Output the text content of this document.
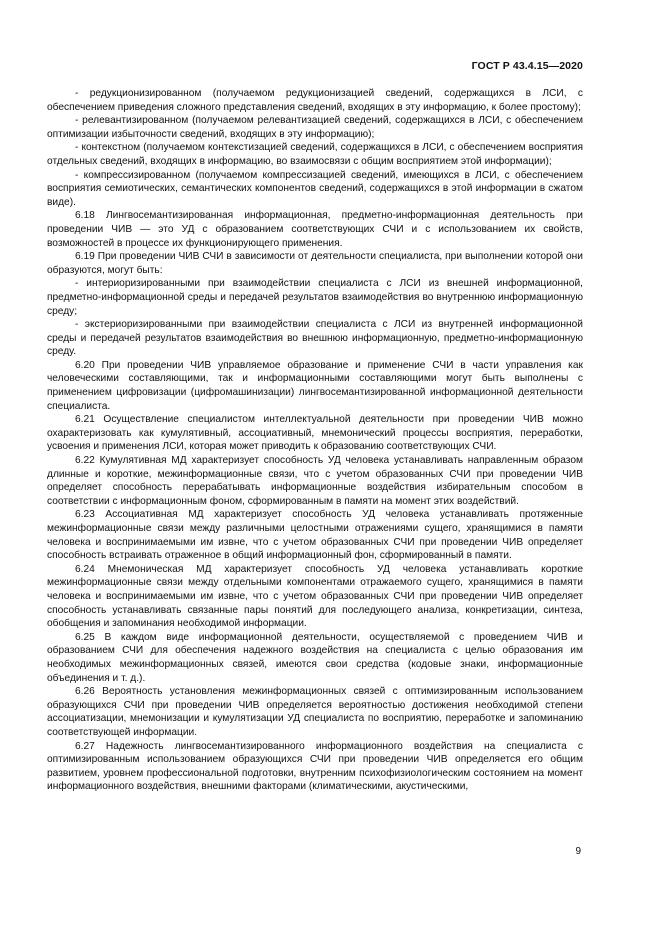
ГОСТ Р 43.4.15—2020

- редукционизированном (получаемом редукционизацией сведений, содержащихся в ЛСИ, с обеспечением приведения сложного представления сведений, входящих в эту информацию, к более простому);

- релевантизированном (получаемом релевантизацией сведений, содержащихся в ЛСИ, с обеспечением оптимизации избыточности сведений, входящих в эту информацию);

- контекстном (получаемом контекстизацией сведений, содержащихся в ЛСИ, с обеспечением восприятия отдельных сведений, входящих в информацию, во взаимосвязи с общим восприятием этой информации);

- компрессизированном (получаемом компрессизацией сведений, имеющихся в ЛСИ, с обеспечением восприятия семиотических, семантических компонентов сведений, содержащихся в этой информации в сжатом виде).

6.18 Лингвосемантизированная информационная, предметно-информационная деятельность при проведении ЧИВ — это УД с образованием соответствующих СЧИ и с использованием их свойств, возможностей в процессе их функционирующего применения.

6.19 При проведении ЧИВ СЧИ в зависимости от деятельности специалиста, при выполнении которой они образуются, могут быть:

- интериоризированными при взаимодействии специалиста с ЛСИ из внешней информационной, предметно-информационной среды и передачей результатов взаимодействия во внутреннюю информационную среду;

- экстериоризированными при взаимодействии специалиста с ЛСИ из внутренней информационной среды и передачей результатов взаимодействия во внешнюю информационную, предметно-информационную среду.

6.20 При проведении ЧИВ управляемое образование и применение СЧИ в части управления как человеческими составляющими, так и информационными составляющими могут быть выполнены с применением цифровизации (цифромашинизации) лингвосемантизированной информационной деятельности специалиста.

6.21 Осуществление специалистом интеллектуальной деятельности при проведении ЧИВ можно охарактеризовать как кумулятивный, ассоциативный, мнемонический процессы восприятия, переработки, усвоения и применения ЛСИ, которая может приводить к образованию соответствующих СЧИ.

6.22 Кумулятивная МД характеризует способность УД человека устанавливать направленным образом длинные и короткие, межинформационные связи, что с учетом образованных СЧИ при проведении ЧИВ определяет способность перерабатывать информационные воздействия избирательным способом в соответствии с информационным фоном, сформированным в памяти на момент этих воздействий.

6.23 Ассоциативная МД характеризует способность УД человека устанавливать протяженные межинформационные связи между различными целостными отражениями сущего, хранящимися в памяти человека и воспринимаемыми им извне, что с учетом образованных СЧИ при проведении ЧИВ определяет способность встраивать отраженное в общий информационный фон, сформированный в памяти.

6.24 Мнемоническая МД характеризует способность УД человека устанавливать короткие межинформационные связи между отдельными компонентами отражаемого сущего, хранящимися в памяти человека и воспринимаемыми им извне, что с учетом образованных СЧИ при проведении ЧИВ определяет способность устанавливать связанные пары понятий для последующего анализа, конкретизации, синтеза, обобщения и запоминания необходимой информации.

6.25 В каждом виде информационной деятельности, осуществляемой с проведением ЧИВ и образованием СЧИ для обеспечения надежного воздействия на специалиста с целью образования им необходимых межинформационных связей, имеются свои средства (кодовые знаки, информационные объединения и т. д.).

6.26 Вероятность установления межинформационных связей с оптимизированным использованием образующихся СЧИ при проведении ЧИВ определяется вероятностью достижения необходимой степени ассоциатизации, мнемонизации и кумулятизации УД специалиста по восприятию, переработке и запоминанию соответствующей информации.

6.27 Надежность лингвосемантизированного информационного воздействия на специалиста с оптимизированным использованием образующихся СЧИ при проведении ЧИВ определяется его общим развитием, уровнем профессиональной подготовки, внутренним психофизиологическим состоянием на момент информационного воздействия, внешними факторами (климатическими, акустическими,

9
